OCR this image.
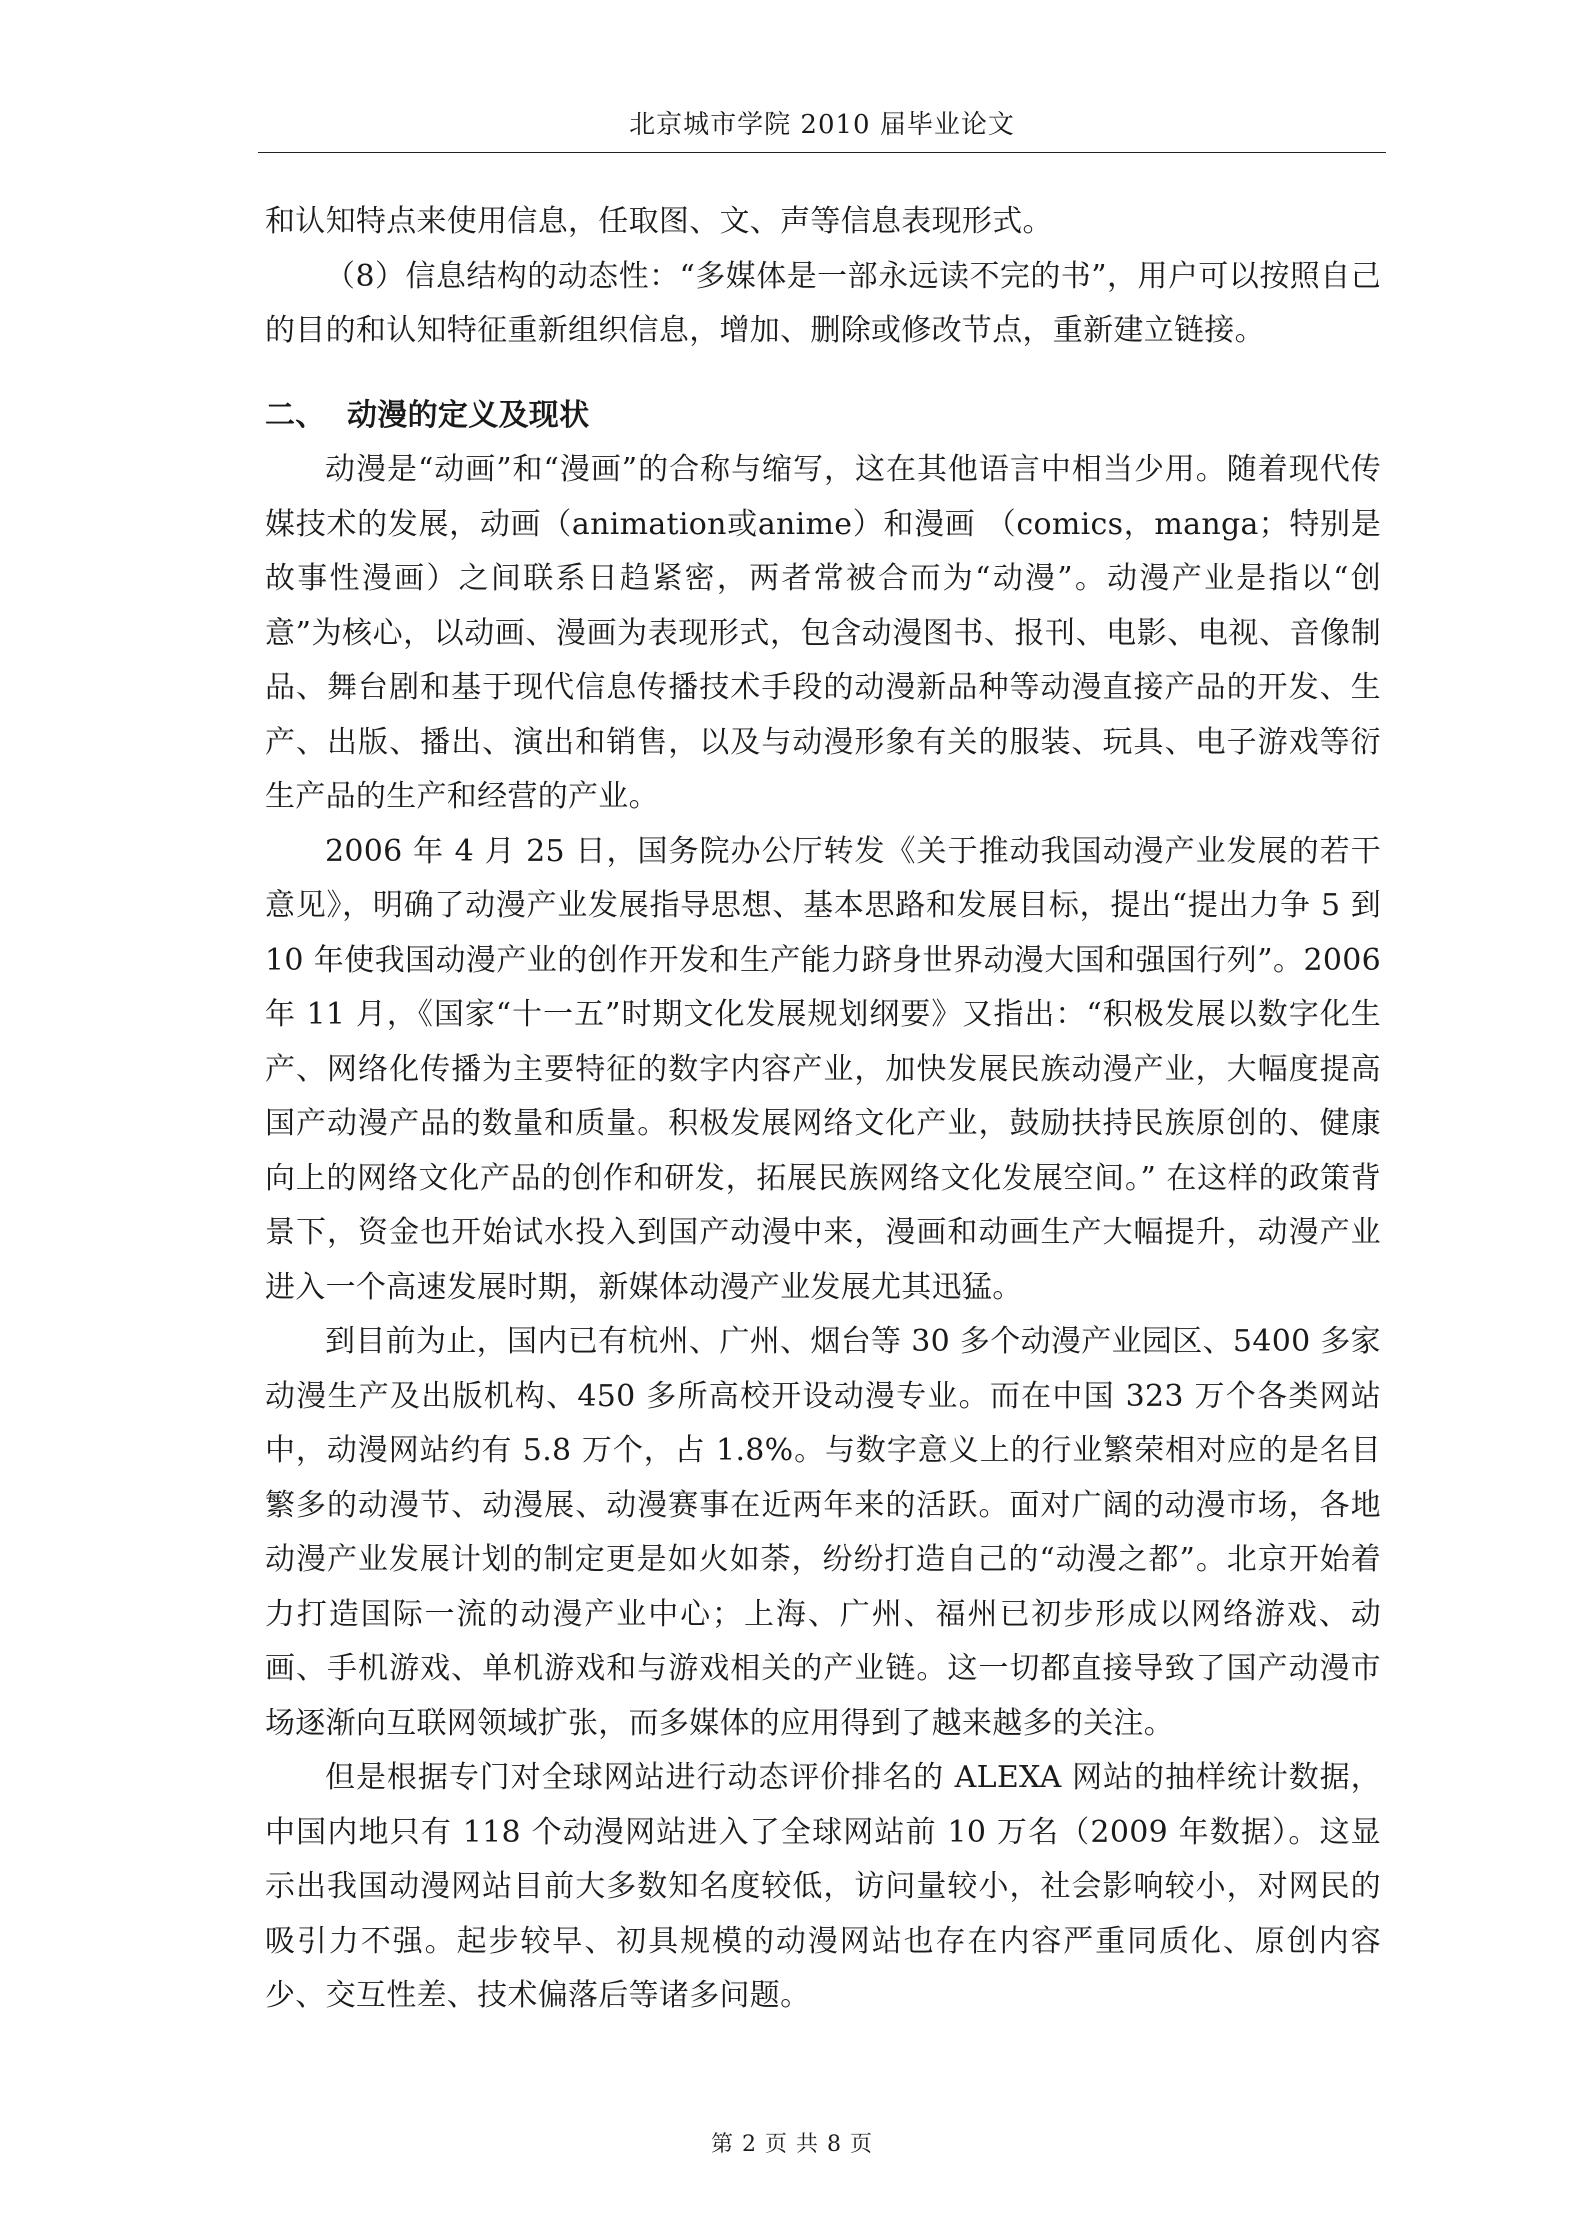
北京城市学院 2010 届毕业论文

和认知特点来使用信息，任取图、文、声等信息表现形式。

（8）信息结构的动态性：“多媒体是一部永远读不完的书”，用户可以按照自己的目的和认知特征重新组织信息，增加、删除或修改节点，重新建立链接。

二、 动漫的定义及现状

动漫是“动画”和“漫画”的合称与缩写，这在其他语言中相当少用。随着现代传媒技术的发展，动画（animation或anime）和漫画 （comics，manga；特别是故事性漫画）之间联系日趋紧密，两者常被合而为“动漫”。动漫产业是指以“创意”为核心，以动画、漫画为表现形式，包含动漫图书、报刊、电影、电视、音像制品、舞台剧和基于现代信息传播技术手段的动漫新品种等动漫直接产品的开发、生产、出版、播出、演出和销售，以及与动漫形象有关的服装、玩具、电子游戏等衍生产品的生产和经营的产业。

2006 年 4 月 25 日，国务院办公厅转发《关于推动我国动漫产业发展的若干意见》，明确了动漫产业发展指导思想、基本思路和发展目标，提出“提出力争 5 到 10 年使我国动漫产业的创作开发和生产能力跻身世界动漫大国和强国行列”。2006 年 11 月，《国家“十一五”时期文化发展规划纲要》又指出：“积极发展以数字化生产、网络化传播为主要特征的数字内容产业，加快发展民族动漫产业，大幅度提高国产动漫产品的数量和质量。积极发展网络文化产业，鼓励扶持民族原创的、健康向上的网络文化产品的创作和研发，拓展民族网络文化发展空间。” 在这样的政策背景下，资金也开始试水投入到国产动漫中来，漫画和动画生产大幅提升，动漫产业进入一个高速发展时期，新媒体动漫产业发展尤其迅猛。

到目前为止，国内已有杭州、广州、烟台等 30 多个动漫产业园区、5400 多家动漫生产及出版机构、450 多所高校开设动漫专业。而在中国 323 万个各类网站中，动漫网站约有 5.8 万个，占 1.8%。与数字意义上的行业繁荣相对应的是名目繁多的动漫节、动漫展、动漫赛事在近两年来的活跃。面对广阔的动漫市场，各地动漫产业发展计划的制定更是如火如荼，纷纷打造自己的“动漫之都”。北京开始着力打造国际一流的动漫产业中心；上海、广州、福州已初步形成以网络游戏、动画、手机游戏、单机游戏和与游戏相关的产业链。这一切都直接导致了国产动漫市场逐渐向互联网领域扩张，而多媒体的应用得到了越来越多的关注。

但是根据专门对全球网站进行动态评价排名的 ALEXA 网站的抽样统计数据，中国内地只有 118 个动漫网站进入了全球网站前 10 万名（2009 年数据）。这显示出我国动漫网站目前大多数知名度较低，访问量较小，社会影响较小，对网民的吸引力不强。起步较早、初具规模的动漫网站也存在内容严重同质化、原创内容少、交互性差、技术偏落后等诸多问题。

第 2 页 共 8 页
